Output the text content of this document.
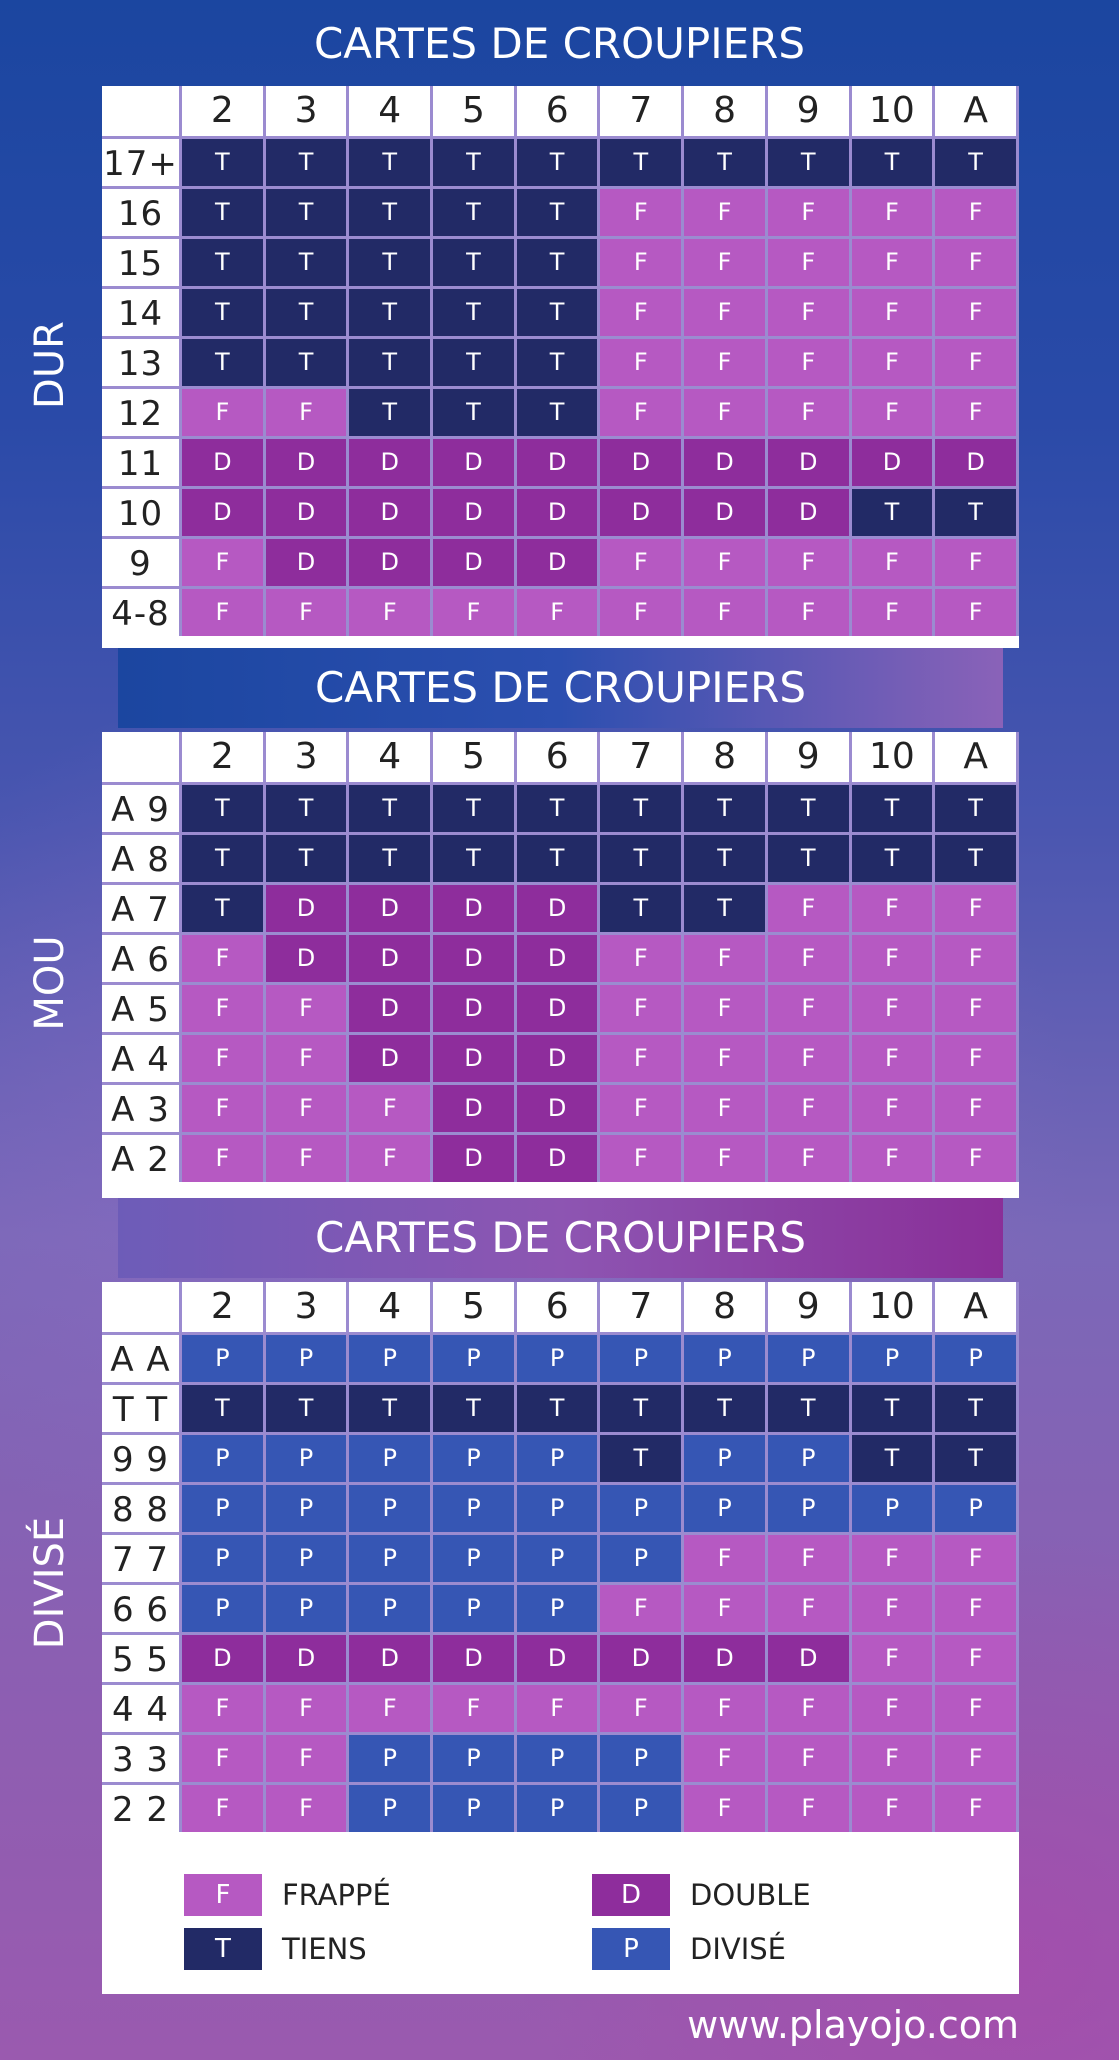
CARTES DE CROUPIERS
DUR
MOU
DIVISÉ
2	3	4	5	6	7	8	9	10	A
17+	T	T	T	T	T	T	T	T	T	T
16	T	T	T	T	T	F	F	F	F	F
15	T	T	T	T	T	F	F	F	F	F
14	T	T	T	T	T	F	F	F	F	F
13	T	T	T	T	T	F	F	F	F	F
12	F	F	T	T	T	F	F	F	F	F
11	D	D	D	D	D	D	D	D	D	D
10	D	D	D	D	D	D	D	D	T	T
9	F	D	D	D	D	F	F	F	F	F
4-8	F	F	F	F	F	F	F	F	F	F
CARTES DE CROUPIERS
2	3	4	5	6	7	8	9	10	A
A 9	T	T	T	T	T	T	T	T	T	T
A 8	T	T	T	T	T	T	T	T	T	T
A 7	T	D	D	D	D	T	T	F	F	F
A 6	F	D	D	D	D	F	F	F	F	F
A 5	F	F	D	D	D	F	F	F	F	F
A 4	F	F	D	D	D	F	F	F	F	F
A 3	F	F	F	D	D	F	F	F	F	F
A 2	F	F	F	D	D	F	F	F	F	F
CARTES DE CROUPIERS
2	3	4	5	6	7	8	9	10	A
A A	P	P	P	P	P	P	P	P	P	P
T T	T	T	T	T	T	T	T	T	T	T
9 9	P	P	P	P	P	T	P	P	T	T
8 8	P	P	P	P	P	P	P	P	P	P
7 7	P	P	P	P	P	P	F	F	F	F
6 6	P	P	P	P	P	F	F	F	F	F
5 5	D	D	D	D	D	D	D	D	F	F
4 4	F	F	F	F	F	F	F	F	F	F
3 3	F	F	P	P	P	P	F	F	F	F
2 2	F	F	P	P	P	P	F	F	F	F
F	FRAPPÉ
T	TIENS
D	DOUBLE
P	DIVISÉ
www.playojo.com
